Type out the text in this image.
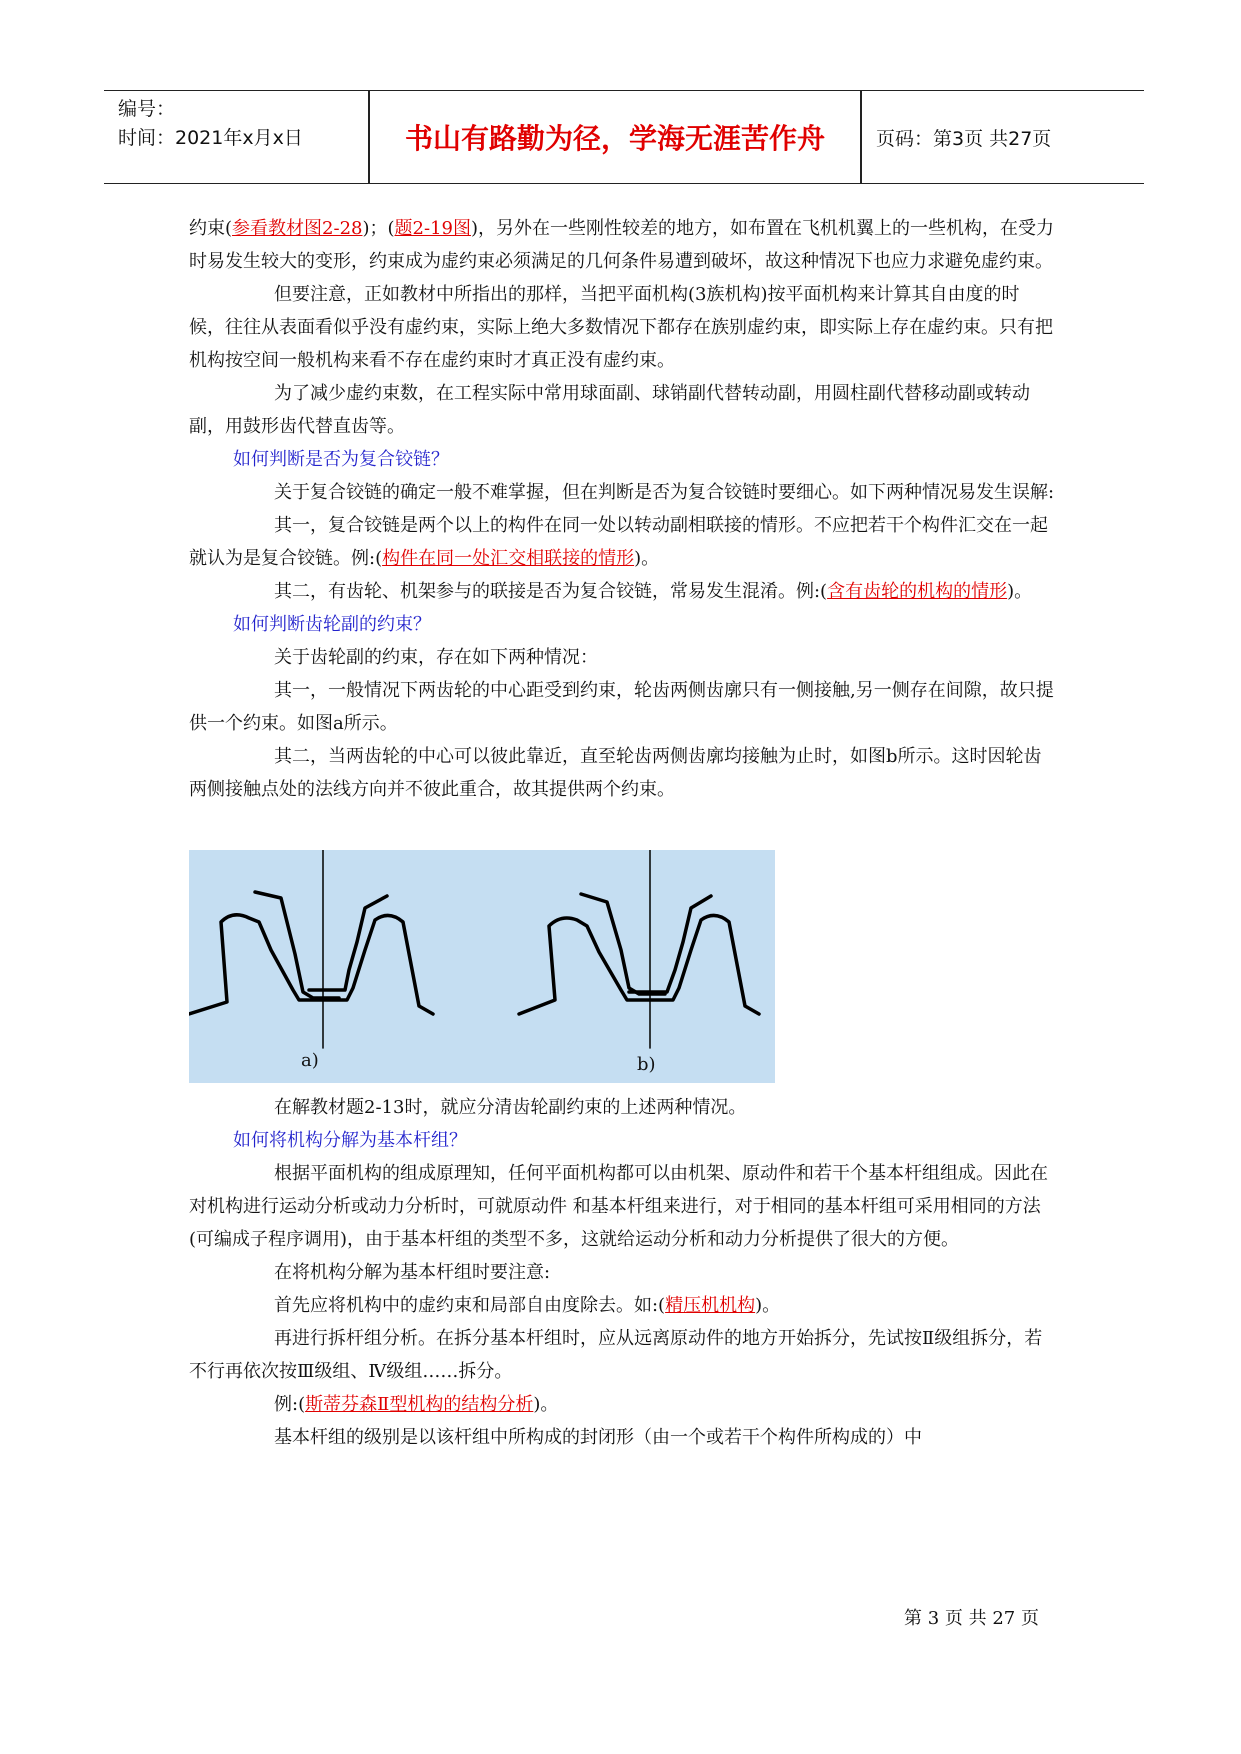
编号：
时间：2021年x月x日	书山有路勤为径，学海无涯苦作舟	页码：第3页 共27页

约束(参看教材图2-28)；(题2-19图)，另外在一些刚性较差的地方，如布置在飞机机翼上的一些机构，在受力时易发生较大的变形，约束成为虚约束必须满足的几何条件易遭到破坏，故这种情况下也应力求避免虚约束。

但要注意，正如教材中所指出的那样，当把平面机构(3族机构)按平面机构来计算其自由度的时候，往往从表面看似乎没有虚约束，实际上绝大多数情况下都存在族别虚约束，即实际上存在虚约束。只有把机构按空间一般机构来看不存在虚约束时才真正没有虚约束。

为了减少虚约束数，在工程实际中常用球面副、球销副代替转动副，用圆柱副代替移动副或转动副，用鼓形齿代替直齿等。

如何判断是否为复合铰链？

关于复合铰链的确定一般不难掌握，但在判断是否为复合铰链时要细心。如下两种情况易发生误解:

其一，复合铰链是两个以上的构件在同一处以转动副相联接的情形。不应把若干个构件汇交在一起就认为是复合铰链。例:(构件在同一处汇交相联接的情形)。

其二，有齿轮、机架参与的联接是否为复合铰链，常易发生混淆。例:(含有齿轮的机构的情形)。

如何判断齿轮副的约束？

关于齿轮副的约束，存在如下两种情况：

其一，一般情况下两齿轮的中心距受到约束，轮齿两侧齿廓只有一侧接触,另一侧存在间隙，故只提供一个约束。如图a所示。

其二，当两齿轮的中心可以彼此靠近，直至轮齿两侧齿廓均接触为止时，如图b所示。这时因轮齿两侧接触点处的法线方向并不彼此重合，故其提供两个约束。

a)	b)

在解教材题2-13时，就应分清齿轮副约束的上述两种情况。

如何将机构分解为基本杆组？

根据平面机构的组成原理知，任何平面机构都可以由机架、原动件和若干个基本杆组组成。因此在对机构进行运动分析或动力分析时，可就原动件 和基本杆组来进行，对于相同的基本杆组可采用相同的方法(可编成子程序调用)，由于基本杆组的类型不多，这就给运动分析和动力分析提供了很大的方便。

在将机构分解为基本杆组时要注意:

首先应将机构中的虚约束和局部自由度除去。如:(精压机机构)。

再进行拆杆组分析。在拆分基本杆组时，应从远离原动件的地方开始拆分，先试按Ⅱ级组拆分，若不行再依次按Ⅲ级组、Ⅳ级组……拆分。

例:(斯蒂芬森Ⅱ型机构的结构分析)。

基本杆组的级别是以该杆组中所构成的封闭形（由一个或若干个构件所构成的）中

第 3 页 共 27 页
